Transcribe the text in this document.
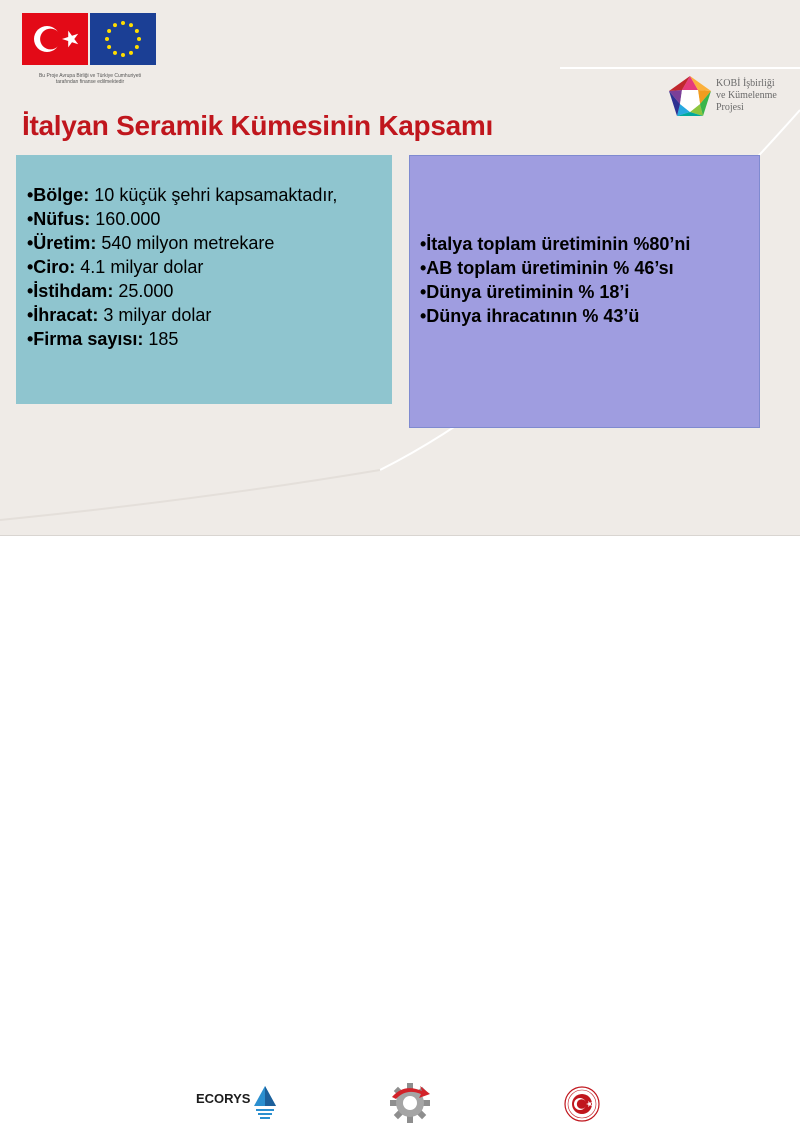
Bu Proje Avrupa Birliği ve Türkiye Cumhuriyeti
tarafından finanse edilmektedir	KOBİ İşbirliği
ve Kümelenme
Projesi
İtalyan Seramik Kümesinin Kapsamı
•Bölge: 10 küçük şehri kapsamaktadır,
•Nüfus: 160.000
•Üretim: 540 milyon metrekare
•Ciro: 4.1 milyar dolar
•İstihdam: 25.000
•İhracat: 3 milyar dolar
•Firma sayısı: 185
•İtalya toplam üretiminin %80’ni
•AB toplam üretiminin % 46’sı
•Dünya üretiminin % 18’i
•Dünya ihracatının % 43’ü
ECORYS
